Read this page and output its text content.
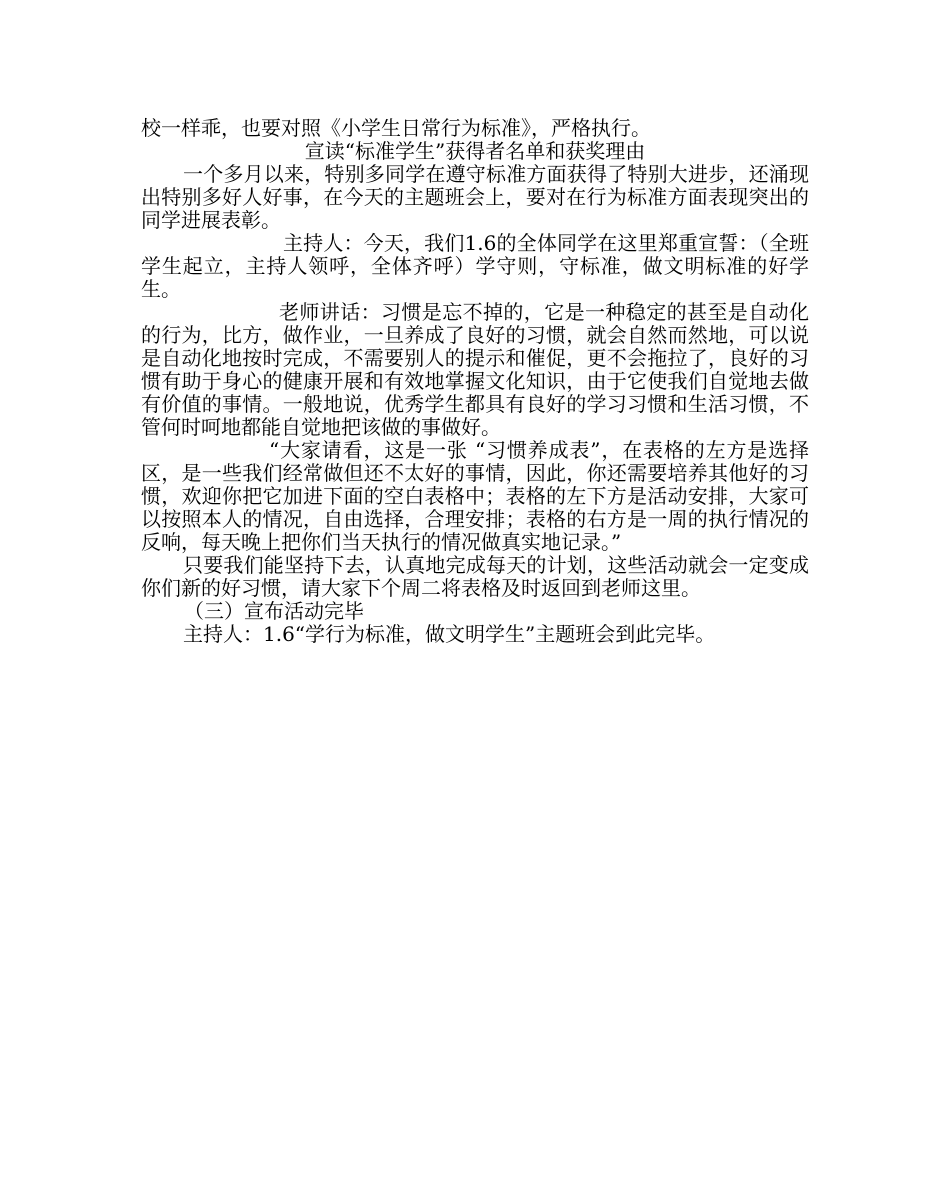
校一样乖，也要对照《小学生日常行为标准》，严格执行。

宣读“标准学生”获得者名单和获奖理由

一个多月以来，特别多同学在遵守标准方面获得了特别大进步，还涌现出特别多好人好事，在今天的主题班会上，要对在行为标准方面表现突出的同学进展表彰。

主持人：今天，我们1.6的全体同学在这里郑重宣誓：（全班学生起立，主持人领呼，全体齐呼）学守则，守标准，做文明标准的好学生。

老师讲话：习惯是忘不掉的，它是一种稳定的甚至是自动化的行为，比方，做作业，一旦养成了良好的习惯，就会自然而然地，可以说是自动化地按时完成，不需要别人的提示和催促，更不会拖拉了，良好的习惯有助于身心的健康开展和有效地掌握文化知识，由于它使我们自觉地去做有价值的事情。一般地说，优秀学生都具有良好的学习习惯和生活习惯，不管何时呵地都能自觉地把该做的事做好。

“大家请看，这是一张 “习惯养成表”，在表格的左方是选择区，是一些我们经常做但还不太好的事情，因此，你还需要培养其他好的习惯，欢迎你把它加进下面的空白表格中；表格的左下方是活动安排，大家可以按照本人的情况，自由选择，合理安排；表格的右方是一周的执行情况的反响，每天晚上把你们当天执行的情况做真实地记录。”

只要我们能坚持下去，认真地完成每天的计划，这些活动就会一定变成你们新的好习惯，请大家下个周二将表格及时返回到老师这里。

（三）宣布活动完毕

主持人：1.6“学行为标准，做文明学生”主题班会到此完毕。
